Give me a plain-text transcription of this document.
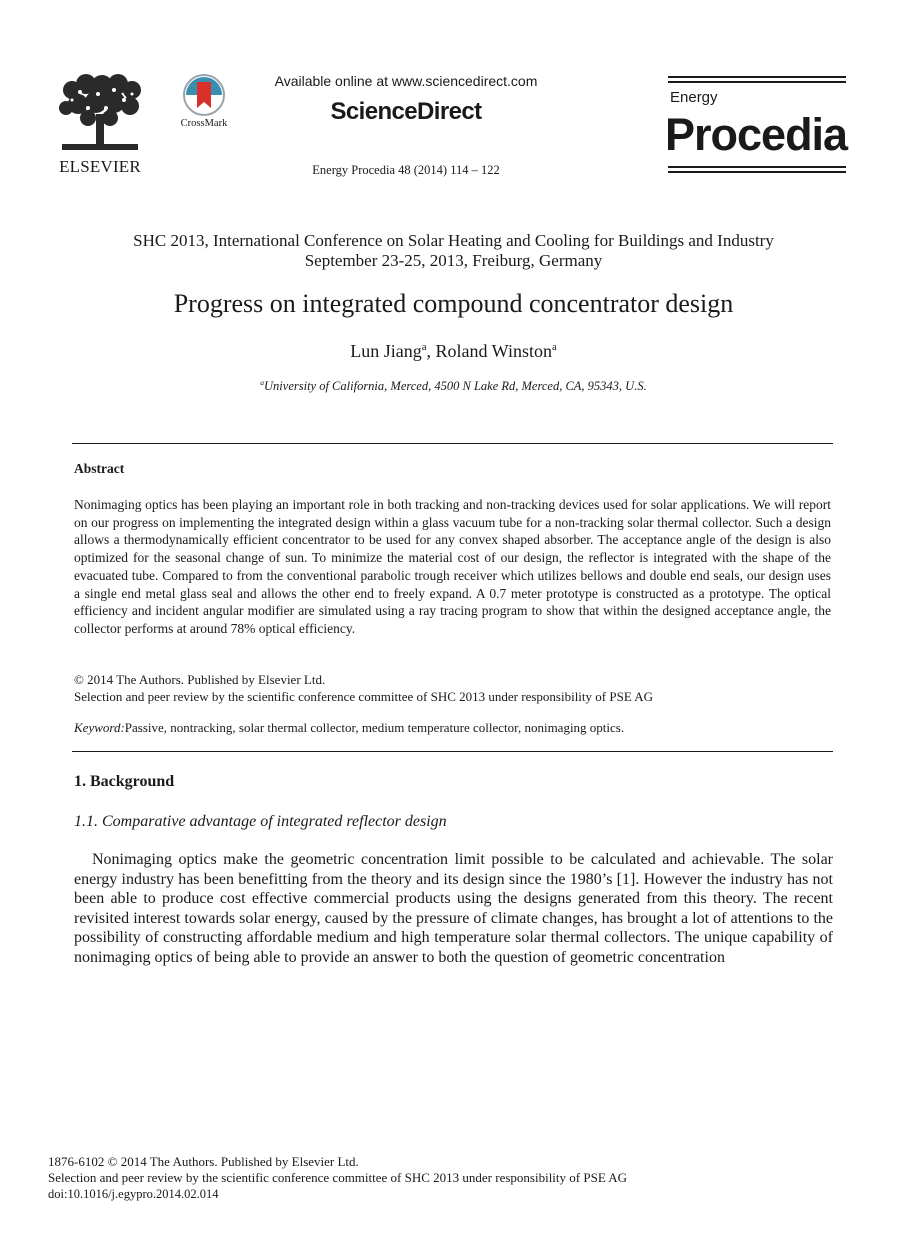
ELSEVIER
CrossMark
Available online at www.sciencedirect.com
ScienceDirect
Energy Procedia 48 (2014) 114 – 122
Energy
Procedia
SHC 2013, International Conference on Solar Heating and Cooling for Buildings and Industry
September 23-25, 2013, Freiburg, Germany
Progress on integrated compound concentrator design
Lun Jiang$^a$, Roland Winston$^a$
$^a$University of California, Merced, 4500 N Lake Rd, Merced, CA, 95343, U.S.
Abstract
Nonimaging optics has been playing an important role in both tracking and non-tracking devices used for solar applications. We will report on our progress on implementing the integrated design within a glass vacuum tube for a non-tracking solar thermal collector. Such a design allows a thermodynamically efficient concentrator to be used for any convex shaped absorber. The acceptance angle of the design is also optimized for the seasonal change of sun. To minimize the material cost of our design, the reflector is integrated with the shape of the evacuated tube. Compared to from the conventional parabolic trough receiver which utilizes bellows and double end seals, our design uses a single end metal glass seal and allows the other end to freely expand. A 0.7 meter prototype is constructed as a prototype. The optical efficiency and incident angular modifier are simulated using a ray tracing program to show that within the designed acceptance angle, the collector performs at around 78% optical efficiency.
© 2014 The Authors. Published by Elsevier Ltd.
Selection and peer review by the scientific conference committee of SHC 2013 under responsibility of PSE AG
Keyword:Passive, nontracking, solar thermal collector, medium temperature collector, nonimaging optics.
1. Background
1.1. Comparative advantage of integrated reflector design
Nonimaging optics make the geometric concentration limit possible to be calculated and achievable. The solar energy industry has been benefitting from the theory and its design since the 1980’s [1]. However the industry has not been able to produce cost effective commercial products using the designs generated from this theory. The recent revisited interest towards solar energy, caused by the pressure of climate changes, has brought a lot of attentions to the possibility of constructing affordable medium and high temperature solar thermal collectors. The unique capability of nonimaging optics of being able to provide an answer to both the question of geometric concentration
1876-6102 © 2014 The Authors. Published by Elsevier Ltd.
Selection and peer review by the scientific conference committee of SHC 2013 under responsibility of PSE AG
doi:10.1016/j.egypro.2014.02.014
